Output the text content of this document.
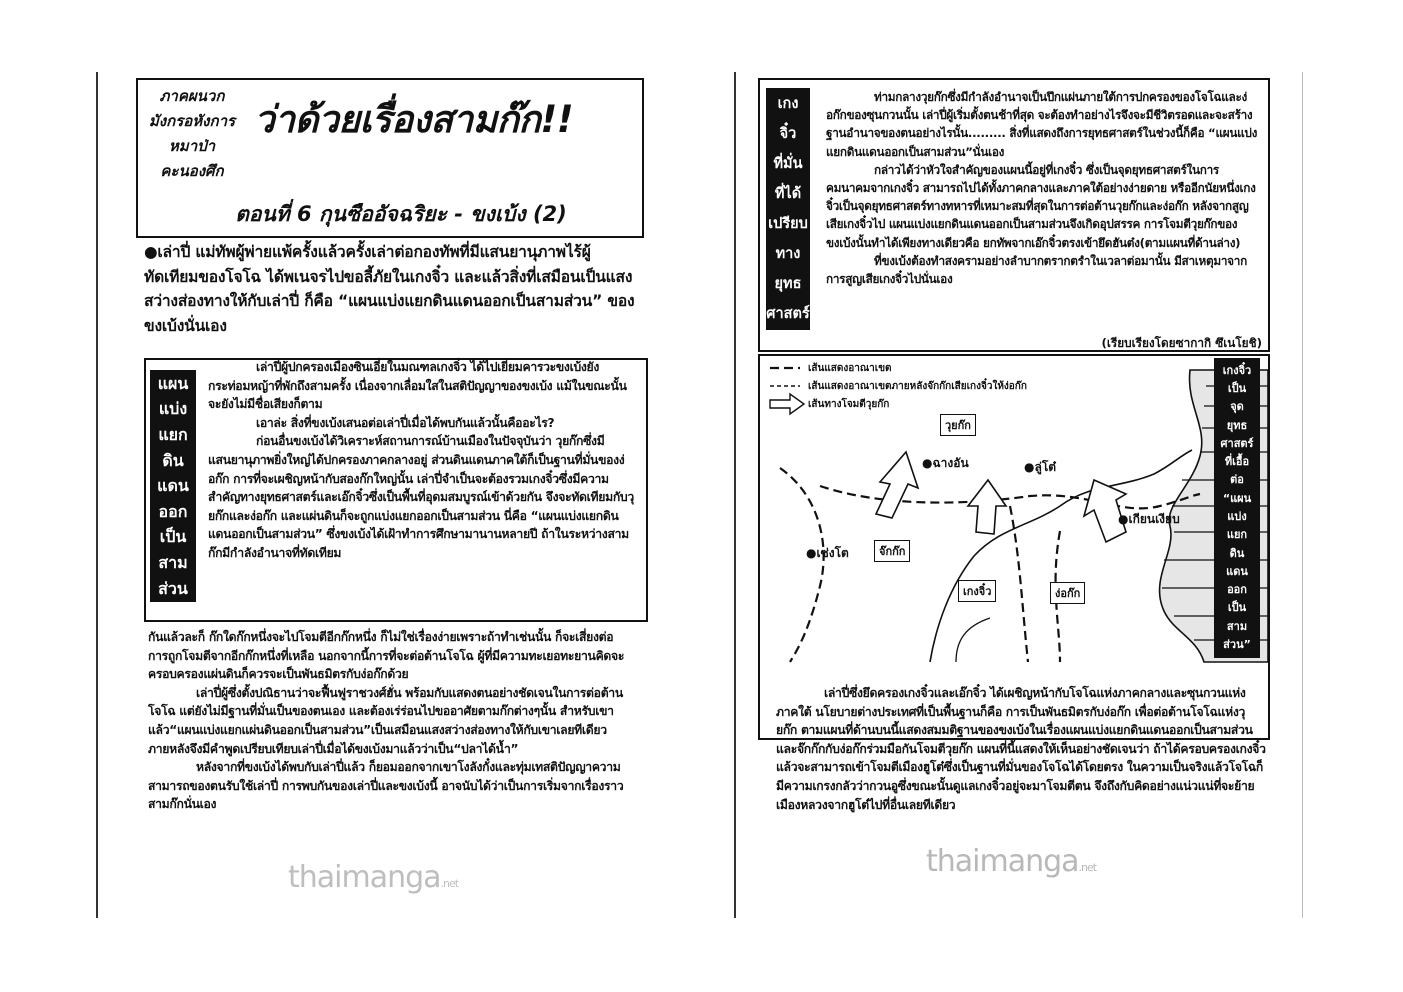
ภาคผนวก
มังกรอหังการ
หมาป่า
คะนองศึก
ว่าด้วยเรื่องสามก๊ก!!
ตอนที่ 6 กุนซืออัจฉริยะ - ขงเบ้ง (2)
●เล่าปี่ แม่ทัพผู้พ่ายแพ้ครั้งแล้วครั้งเล่าต่อกองทัพที่มีแสนยานุภาพไร้ผู้ทัดเทียมของโจโฉ ได้พเนจรไปขอลี้ภัยในเกงจิ๋ว และแล้วสิ่งที่เสมือนเป็นแสงสว่างส่องทางให้กับเล่าปี่ ก็คือ “แผนแบ่งแยกดินแดนออกเป็นสามส่วน” ของขงเบ้งนั่นเอง
แผน
แบ่ง
แยก
ดิน
แดน
ออก
เป็น
สาม
ส่วน

เล่าปี่ผู้ปกครองเมืองซินเอี๋ยในมณฑลเกงจิ๋ว ได้ไปเยี่ยมคารวะขงเบ้งยังกระท่อมหญ้าที่พักถึงสามครั้ง เนื่องจากเลื่อมใสในสติปัญญาของขงเบ้ง แม้ในขณะนั้นจะยังไม่มีชื่อเสียงก็ตาม

เอาล่ะ สิ่งที่ขงเบ้งเสนอต่อเล่าปี่เมื่อได้พบกันแล้วนั้นคืออะไร?

ก่อนอื่นขงเบ้งได้วิเคราะห์สถานการณ์บ้านเมืองในปัจจุบันว่า วุยก๊กซึ่งมีแสนยานุภาพยิ่งใหญ่ได้ปกครองภาคกลางอยู่ ส่วนดินแดนภาคใต้ก็เป็นฐานที่มั่นของง่อก๊ก การที่จะเผชิญหน้ากับสองก๊กใหญ่นั้น เล่าปี่จำเป็นจะต้องรวมเกงจิ๋วซึ่งมีความสำคัญทางยุทธศาสตร์และเอ๊กจิ๋วซึ่งเป็นพื้นที่อุดมสมบูรณ์เข้าด้วยกัน จึงจะทัดเทียมกับวุยก๊กและง่อก๊ก และแผ่นดินก็จะถูกแบ่งแยกออกเป็นสามส่วน นี่คือ “แผนแบ่งแยกดินแดนออกเป็นสามส่วน” ซึ่งขงเบ้งได้เฝ้าทำการศึกษามานานหลายปี ถ้าในระหว่างสามก๊กมีกำลังอำนาจที่ทัดเทียม

กันแล้วละก็ ก๊กใดก๊กหนึ่งจะไปโจมตีอีกก๊กหนึ่ง ก็ไม่ใช่เรื่องง่ายเพราะถ้าทำเช่นนั้น ก็จะเสี่ยงต่อการถูกโจมตีจากอีกก๊กหนึ่งที่เหลือ นอกจากนี้การที่จะต่อต้านโจโฉ ผู้ที่มีความทะเยอทะยานคิดจะครอบครองแผ่นดินก็ควรจะเป็นพันธมิตรกับง่อก๊กด้วย

เล่าปี่ผู้ซึ่งตั้งปณิธานว่าจะฟื้นฟูราชวงศ์ฮั่น พร้อมกับแสดงตนอย่างชัดเจนในการต่อต้านโจโฉ แต่ยังไม่มีฐานที่มั่นเป็นของตนเอง และต้องเร่ร่อนไปขออาศัยตามก๊กต่างๆนั้น สำหรับเขาแล้ว“แผนแบ่งแยกแผ่นดินออกเป็นสามส่วน”เป็นเสมือนแสงสว่างส่องทางให้กับเขาเลยทีเดียว ภายหลังจึงมีคำพูดเปรียบเทียบเล่าปี่เมื่อได้ขงเบ้งมาแล้วว่าเป็น“ปลาได้น้ำ”

หลังจากที่ขงเบ้งได้พบกับเล่าปี่แล้ว ก็ยอมออกจากเขาโงลังกั๋งและทุ่มเทสติปัญญาความสามารถของตนรับใช้เล่าปี่ การพบกันของเล่าปี่และขงเบ้งนี้ อาจนับได้ว่าเป็นการเริ่มจากเรื่องราวสามก๊กนั่นเอง

thaimanga.net
เกง
จิ๋ว
ที่มั่น
ที่ได้
เปรียบ
ทาง
ยุทธ
ศาสตร์

ท่ามกลางวุยก๊กซึ่งมีกำลังอำนาจเป็นปึกแผ่นภายใต้การปกครองของโจโฉและง่อก๊กของซุนกวนนั้น เล่าปี่ผู้เริ่มตั้งตนช้าที่สุด จะต้องทำอย่างไรจึงจะมีชีวิตรอดและจะสร้างฐานอำนาจของตนอย่างไรนั้น......... สิ่งที่แสดงถึงการยุทธศาสตร์ในช่วงนี้ก็คือ “แผนแบ่งแยกดินแดนออกเป็นสามส่วน”นั่นเอง

กล่าวได้ว่าหัวใจสำคัญของแผนนี้อยู่ที่เกงจิ๋ว ซึ่งเป็นจุดยุทธศาสตร์ในการคมนาคมจากเกงจิ๋ว สามารถไปได้ทั้งภาคกลางและภาคใต้อย่างง่ายดาย หรืออีกนัยหนึ่งเกงจิ๋วเป็นจุดยุทธศาสตร์ทางทหารที่เหมาะสมที่สุดในการต่อต้านวุยก๊กและง่อก๊ก หลังจากสูญเสียเกงจิ๋วไป แผนแบ่งแยกดินแดนออกเป็นสามส่วนจึงเกิดอุปสรรค การโจมตีวุยก๊กของขงเบ้งนั้นทำได้เพียงทางเดียวคือ ยกทัพจากเอ๊กจิ๋วตรงเข้ายึดฮันต๋ง(ตามแผนที่ด้านล่าง)

ที่ขงเบ้งต้องทำสงครามอย่างลำบากตรากตรำในเวลาต่อมานั้น มีสาเหตุมาจากการสูญเสียเกงจิ๋วไปนั่นเอง

(เรียบเรียงโดยซากากิ ซึเนโยชิ)
เส้นแสดงอาณาเขต
เส้นแสดงอาณาเขตภายหลังจ๊กก๊กเสียเกงจิ๋วให้ง่อก๊ก
เส้นทางโจมตีวุยก๊ก
วุยก๊ก
●ฉางอัน	●ลู่โต๋
●เกียนเงียบ
●เซ่งโต	จ๊กก๊ก
เกงจิ๋ว	ง่อก๊ก
เกงจิ๋ว
เป็น
จุด
ยุทธ
ศาสตร์
ที่เอื้อ
ต่อ
“แผน
แบ่ง
แยก
ดิน
แดน
ออก
เป็น
สาม
ส่วน”

เล่าปี่ซึ่งยึดครองเกงจิ๋วและเอ๊กจิ๋ว ได้เผชิญหน้ากับโจโฉแห่งภาคกลางและซุนกวนแห่งภาคใต้ นโยบายต่างประเทศที่เป็นพื้นฐานก็คือ การเป็นพันธมิตรกับง่อก๊ก เพื่อต่อต้านโจโฉแห่งวุยก๊ก ตามแผนที่ด้านบนนี้แสดงสมมติฐานของขงเบ้งในเรื่องแผนแบ่งแยกดินแดนออกเป็นสามส่วน และจ๊กก๊กกับง่อก๊กร่วมมือกันโจมตีวุยก๊ก แผนที่นี้แสดงให้เห็นอย่างชัดเจนว่า ถ้าได้ครอบครองเกงจิ๋วแล้วจะสามารถเข้าโจมตีเมืองฮูโต๋ซึ่งเป็นฐานที่มั่นของโจโฉได้โดยตรง ในความเป็นจริงแล้วโจโฉก็มีความเกรงกลัวว่ากวนอูซึ่งขณะนั้นดูแลเกงจิ๋วอยู่จะมาโจมตีตน จึงถึงกับคิดอย่างแน่วแน่ที่จะย้ายเมืองหลวงจากฮูโต๋ไปที่อื่นเลยทีเดียว

thaimanga.net
